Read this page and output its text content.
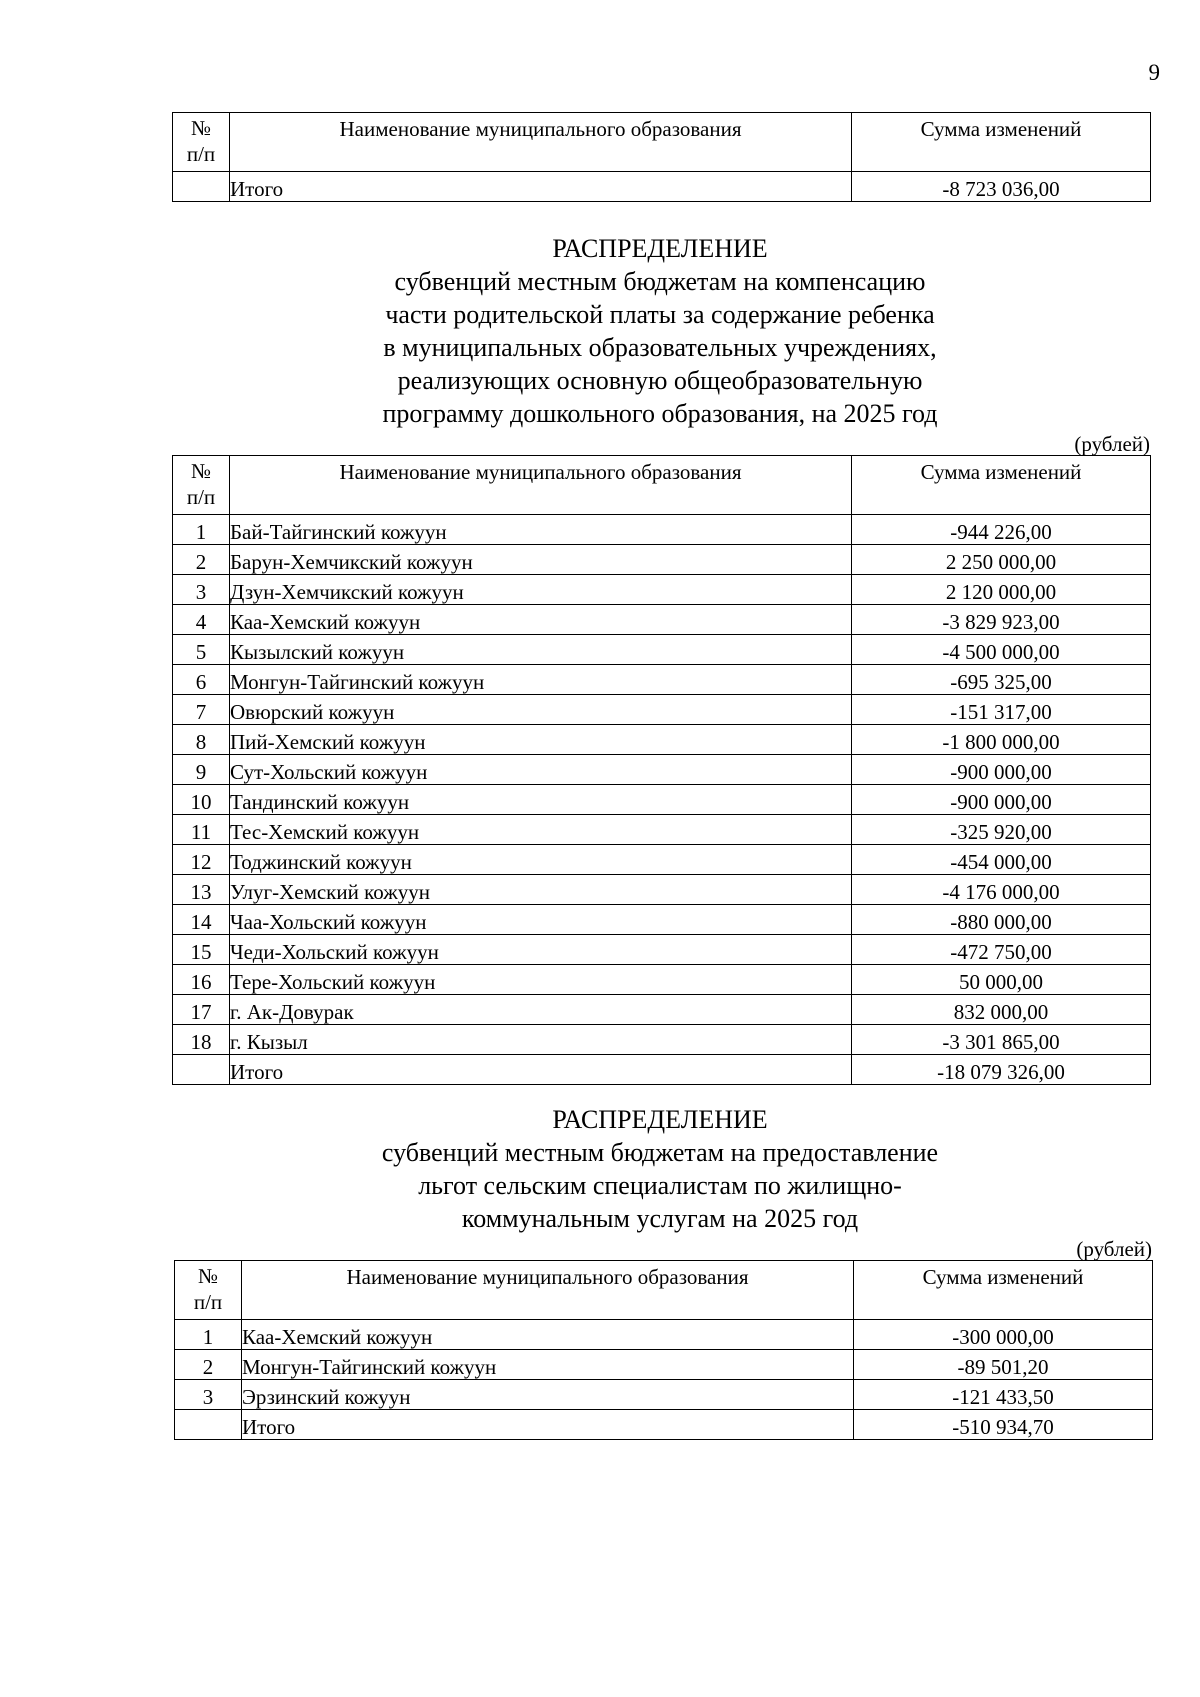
9
№
п/п	Наименование муниципального образования	Сумма изменений
	Итого	-8 723 036,00
РАСПРЕДЕЛЕНИЕ
субвенций местным бюджетам на компенсацию
части родительской платы за содержание ребенка
в муниципальных образовательных учреждениях,
реализующих основную общеобразовательную
программу дошкольного образования, на 2025 год
(рублей)
№
п/п	Наименование муниципального образования	Сумма изменений
1	Бай-Тайгинский кожуун	-944 226,00
2	Барун-Хемчикский кожуун	2 250 000,00
3	Дзун-Хемчикский кожуун	2 120 000,00
4	Каа-Хемский кожуун	-3 829 923,00
5	Кызылский кожуун	-4 500 000,00
6	Монгун-Тайгинский кожуун	-695 325,00
7	Овюрский кожуун	-151 317,00
8	Пий-Хемский кожуун	-1 800 000,00
9	Сут-Хольский кожуун	-900 000,00
10	Тандинский кожуун	-900 000,00
11	Тес-Хемский кожуун	-325 920,00
12	Тоджинский кожуун	-454 000,00
13	Улуг-Хемский кожуун	-4 176 000,00
14	Чаа-Хольский кожуун	-880 000,00
15	Чеди-Хольский кожуун	-472 750,00
16	Тере-Хольский кожуун	50 000,00
17	г. Ак-Довурак	832 000,00
18	г. Кызыл	-3 301 865,00
	Итого	-18 079 326,00
РАСПРЕДЕЛЕНИЕ
субвенций местным бюджетам на предоставление
льгот сельским специалистам по жилищно-
коммунальным услугам на 2025 год
(рублей)
№
п/п	Наименование муниципального образования	Сумма изменений
1	Каа-Хемский кожуун	-300 000,00
2	Монгун-Тайгинский кожуун	-89 501,20
3	Эрзинский кожуун	-121 433,50
	Итого	-510 934,70
